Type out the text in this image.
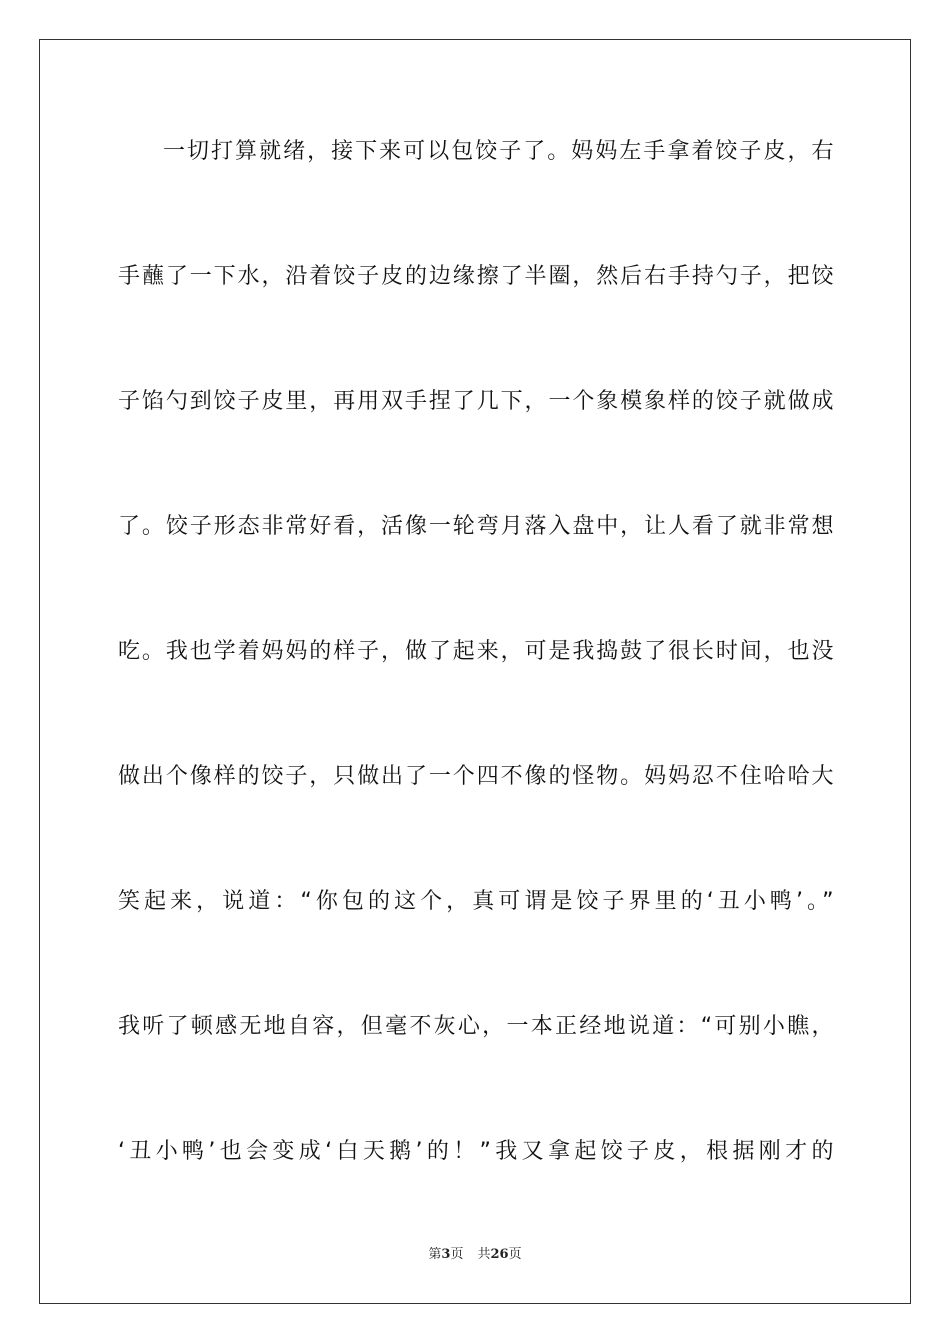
一切打算就绪，接下来可以包饺子了。妈妈左手拿着饺子皮，右
手蘸了一下水，沿着饺子皮的边缘擦了半圈，然后右手持勺子，把饺
子馅勺到饺子皮里，再用双手捏了几下，一个象模象样的饺子就做成
了。饺子形态非常好看，活像一轮弯月落入盘中，让人看了就非常想
吃。我也学着妈妈的样子，做了起来，可是我捣鼓了很长时间，也没
做出个像样的饺子，只做出了一个四不像的怪物。妈妈忍不住哈哈大
笑起来，说道：“你包的这个，真可谓是饺子界里的‘丑小鸭’。”
我听了顿感无地自容，但毫不灰心，一本正经地说道：“可别小瞧，
‘丑小鸭’也会变成‘白天鹅’的！”我又拿起饺子皮，根据刚才的
第3页 共26页
